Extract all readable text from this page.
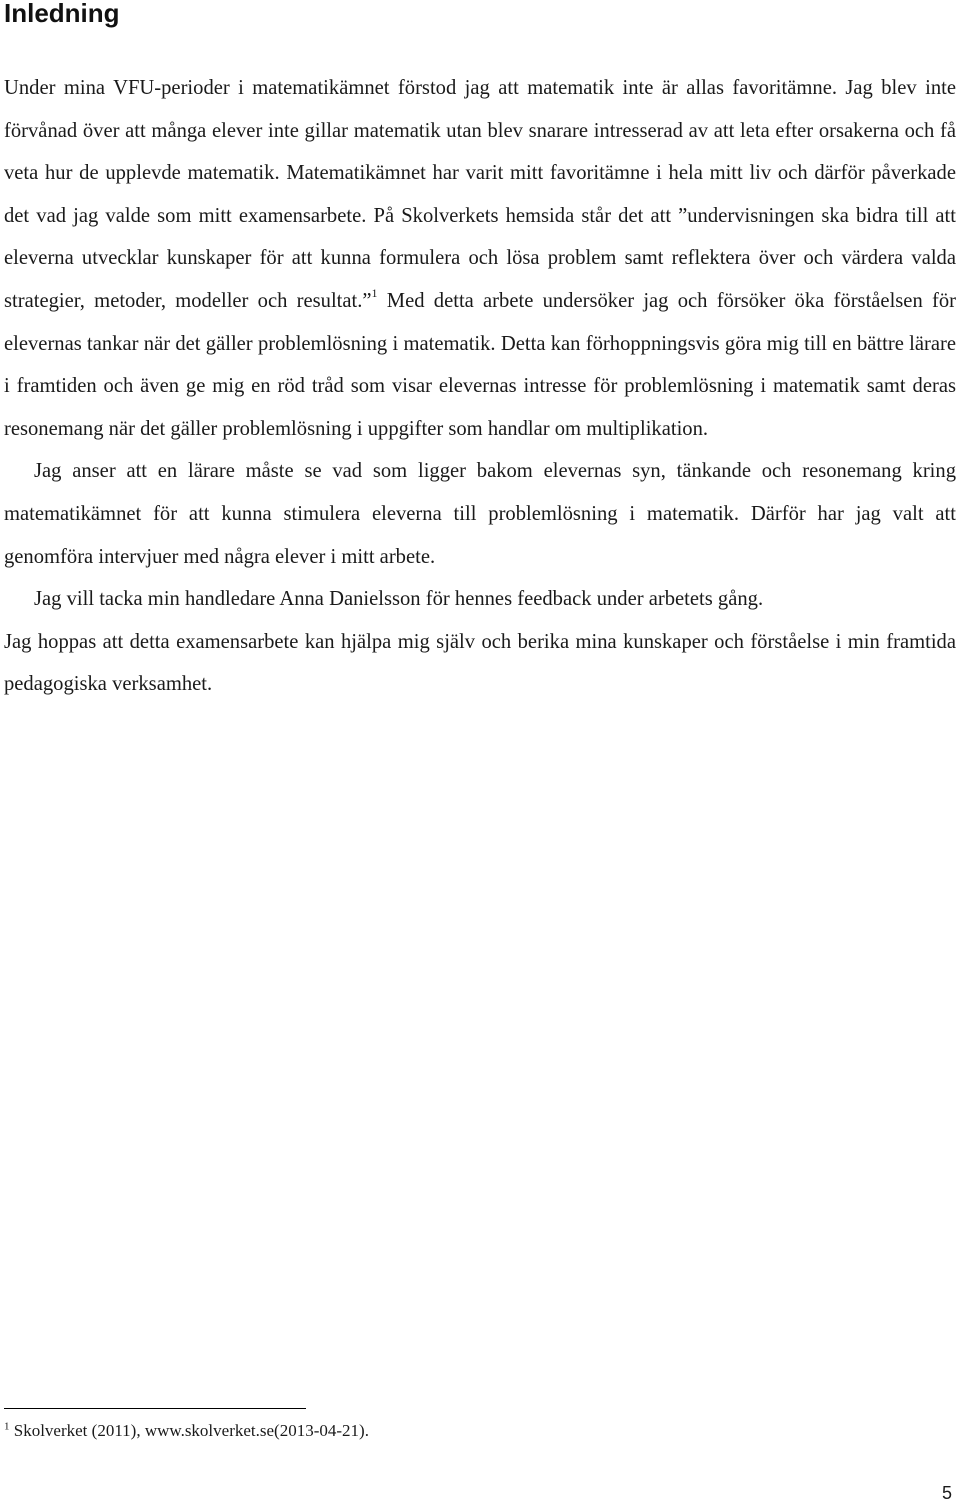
Inledning

Under mina VFU-perioder i matematikämnet förstod jag att matematik inte är allas favoritämne. Jag blev inte förvånad över att många elever inte gillar matematik utan blev snarare intresserad av att leta efter orsakerna och få veta hur de upplevde matematik. Matematikämnet har varit mitt favoritämne i hela mitt liv och därför påverkade det vad jag valde som mitt examensarbete. På Skolverkets hemsida står det att ”undervisningen ska bidra till att eleverna utvecklar kunskaper för att kunna formulera och lösa problem samt reflektera över och värdera valda strategier, metoder, modeller och resultat.”$^1$ Med detta arbete undersöker jag och försöker öka förståelsen för elevernas tankar när det gäller problemlösning i matematik. Detta kan förhoppningsvis göra mig till en bättre lärare i framtiden och även ge mig en röd tråd som visar elevernas intresse för problemlösning i matematik samt deras resonemang när det gäller problemlösning i uppgifter som handlar om multiplikation.

Jag anser att en lärare måste se vad som ligger bakom elevernas syn, tänkande och resonemang kring matematikämnet för att kunna stimulera eleverna till problemlösning i matematik. Därför har jag valt att genomföra intervjuer med några elever i mitt arbete.

Jag vill tacka min handledare Anna Danielsson för hennes feedback under arbetets gång.

Jag hoppas att detta examensarbete kan hjälpa mig själv och berika mina kunskaper och förståelse i min framtida pedagogiska verksamhet.

$^1$ Skolverket (2011), www.skolverket.se(2013-04-21).
5
